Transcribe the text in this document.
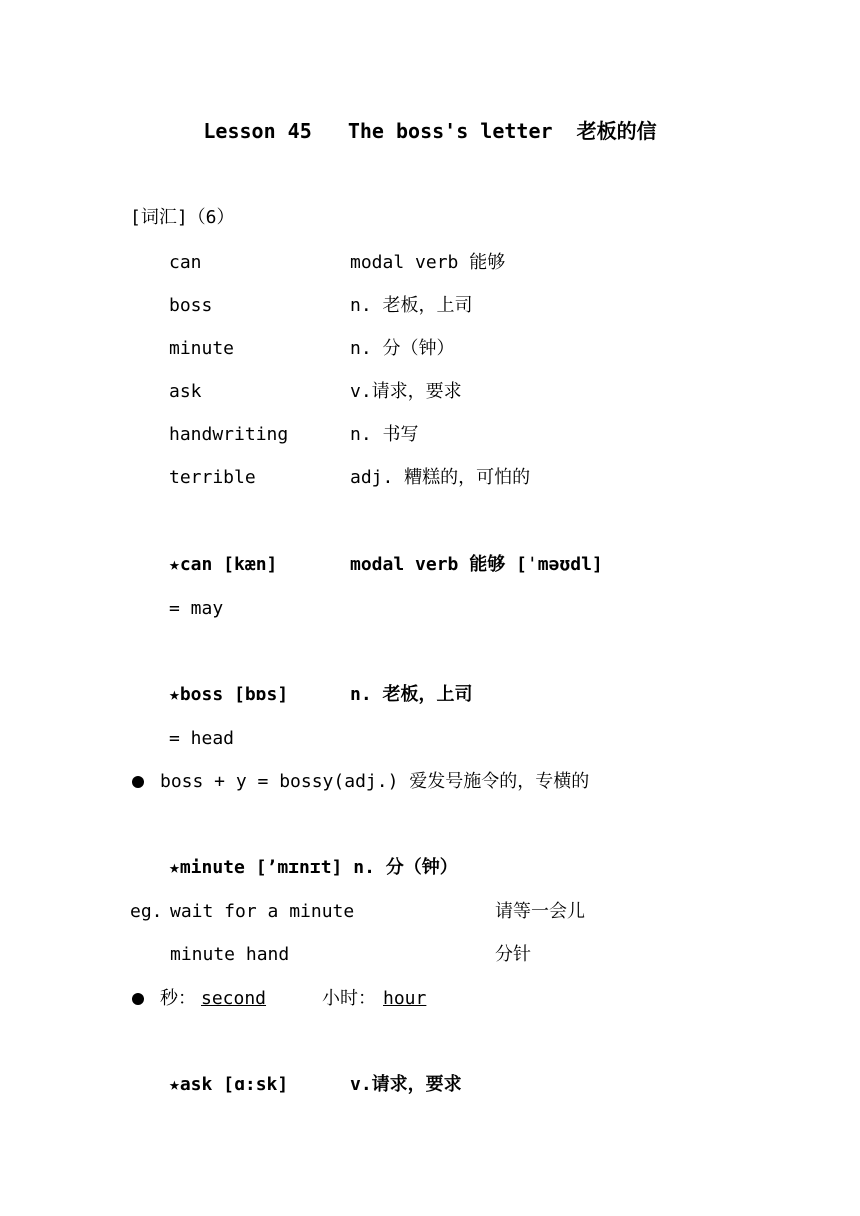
Lesson 45   The boss's letter  老板的信
[词汇]（6）
can	modal verb 能够
boss	n. 老板，上司
minute	n. 分（钟）
ask	v.请求，要求
handwriting	n. 书写
terrible	adj. 糟糕的，可怕的
★can [kæn]	modal verb 能够 [ˈməʊdl]
= may
★boss [bɒs]	n. 老板，上司
= head
boss + y = bossy(adj.) 爱发号施令的，专横的
★minute [’mɪnɪt] n. 分（钟）
eg. wait for a minute	请等一会儿
minute hand	分针
秒： second	小时： hour
★ask [ɑ:sk]	v.请求，要求
